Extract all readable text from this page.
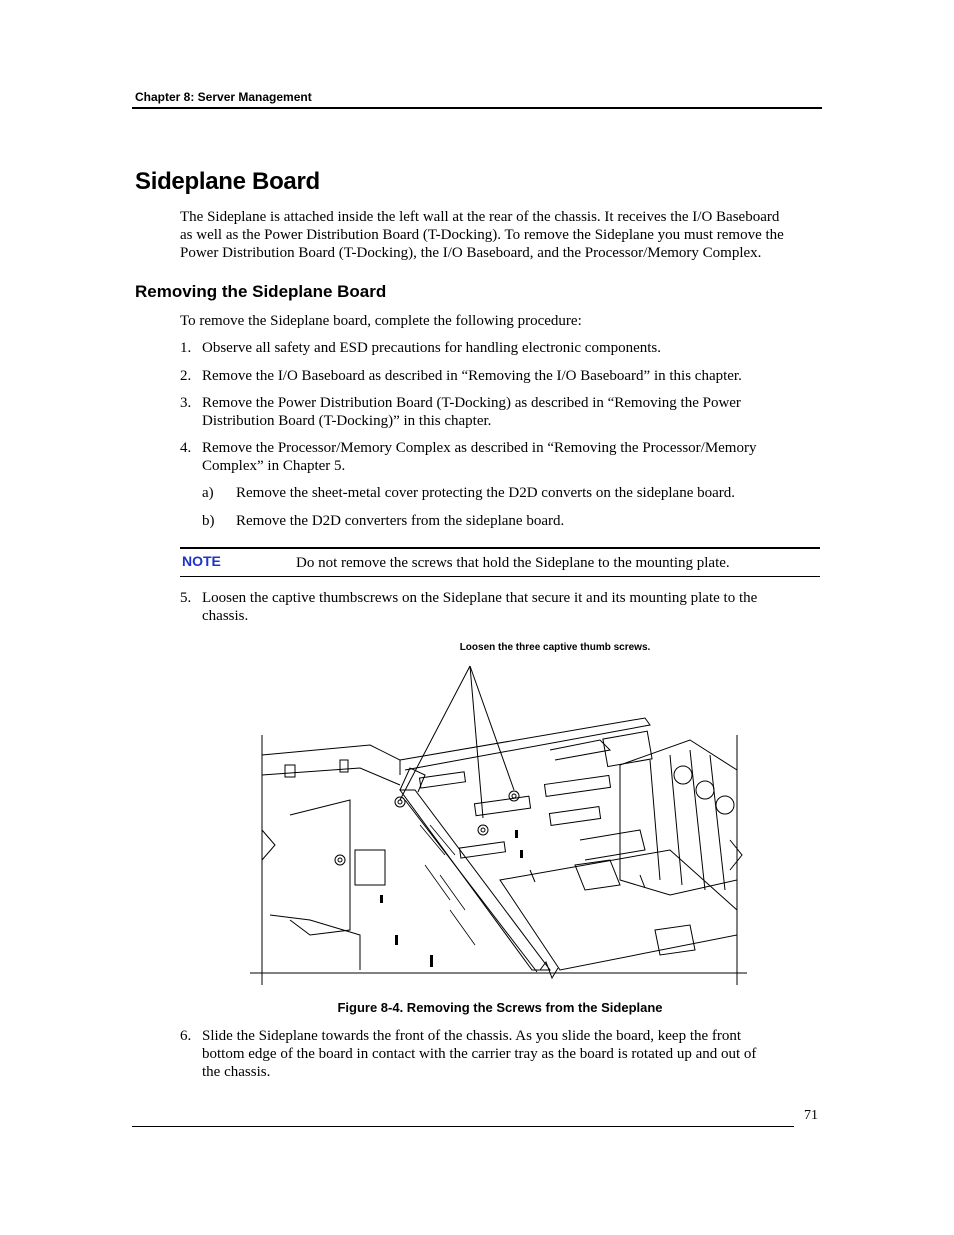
Chapter 8: Server Management
Sideplane Board
The Sideplane is attached inside the left wall at the rear of the chassis. It receives the I/O Baseboard
as well as the Power Distribution Board (T-Docking). To remove the Sideplane you must remove the
Power Distribution Board (T-Docking), the I/O Baseboard, and the Processor/Memory Complex.
Removing the Sideplane Board
To remove the Sideplane board, complete the following procedure:
1. Observe all safety and ESD precautions for handling electronic components.
2. Remove the I/O Baseboard as described in “Removing the I/O Baseboard” in this chapter.
3. Remove the Power Distribution Board (T-Docking) as described in “Removing the Power
Distribution Board (T-Docking)” in this chapter.
4. Remove the Processor/Memory Complex as described in “Removing the Processor/Memory
Complex” in Chapter 5.
a) Remove the sheet-metal cover protecting the D2D converts on the sideplane board.
b) Remove the D2D converters from the sideplane board.
NOTE	Do not remove the screws that hold the Sideplane to the mounting plate.
5. Loosen the captive thumbscrews on the Sideplane that secure it and its mounting plate to the
chassis.
Loosen the three captive thumb screws.
Figure 8-4. Removing the Screws from the Sideplane
6. Slide the Sideplane towards the front of the chassis. As you slide the board, keep the front
bottom edge of the board in contact with the carrier tray as the board is rotated up and out of
the chassis.
71
